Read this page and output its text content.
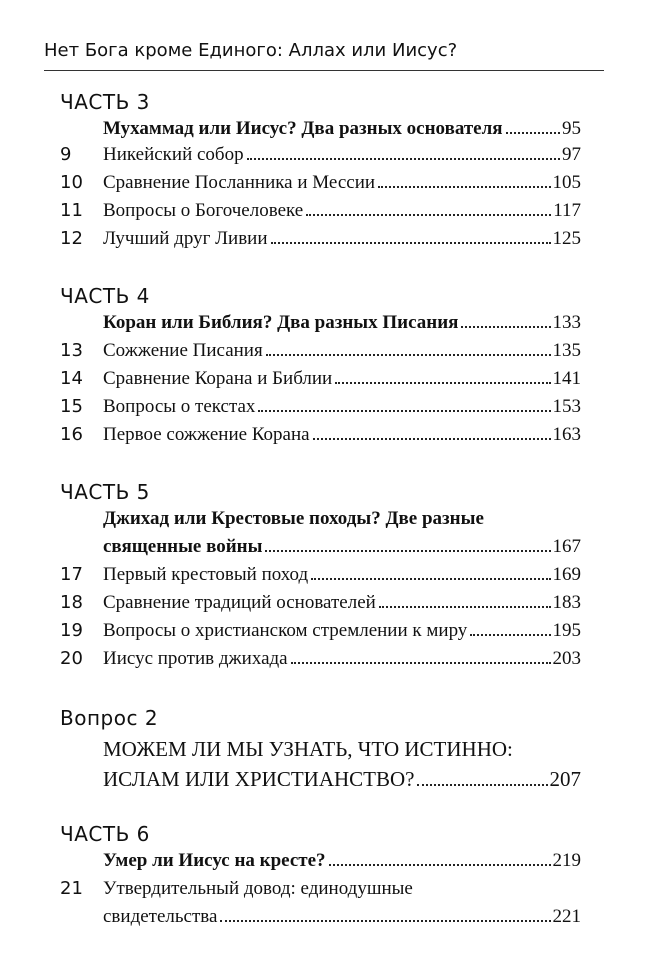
Нет Бога кроме Единого: Аллах или Иисус?
ЧАСТЬ 3
Мухаммад или Иисус? Два разных основателя	95
9	Никейский собор	97
10	Сравнение Посланника и Мессии	105
11	Вопросы о Богочеловеке	117
12	Лучший друг Ливии	125
ЧАСТЬ 4
Коран или Библия? Два разных Писания	133
13	Сожжение Писания	135
14	Сравнение Корана и Библии	141
15	Вопросы о текстах	153
16	Первое сожжение Корана	163
ЧАСТЬ 5
Джихад или Крестовые походы? Две разные
священные войны	167
17	Первый крестовый поход	169
18	Сравнение традиций основателей	183
19	Вопросы о христианском стремлении к миру	195
20	Иисус против джихада	203
Вопрос 2
МОЖЕМ ЛИ МЫ УЗНАТЬ, ЧТО ИСТИННО:
ИСЛАМ ИЛИ ХРИСТИАНСТВО?	207
ЧАСТЬ 6
Умер ли Иисус на кресте?	219
21	Утвердительный довод: единодушные
свидетельства	221
